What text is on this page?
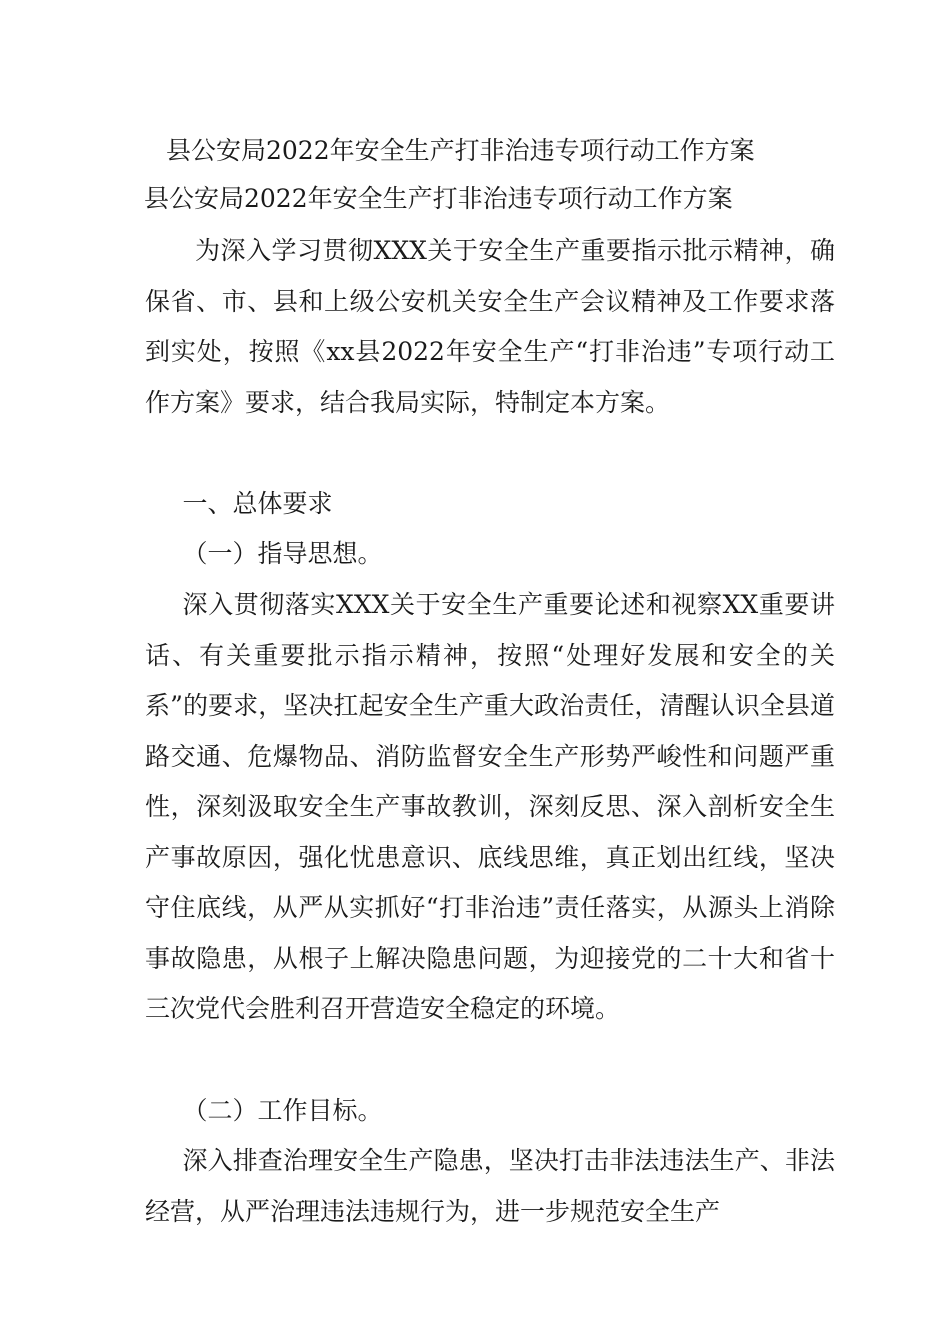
县公安局2022年安全生产打非治违专项行动工作方案
县公安局2022年安全生产打非治违专项行动工作方案

为深入学习贯彻XXX关于安全生产重要指示批示精神，确保省、市、县和上级公安机关安全生产会议精神及工作要求落到实处，按照《xx县2022年安全生产“打非治违”专项行动工作方案》要求，结合我局实际，特制定本方案。

一、总体要求

（一）指导思想。

深入贯彻落实XXX关于安全生产重要论述和视察XX重要讲话、有关重要批示指示精神，按照“处理好发展和安全的关系”的要求，坚决扛起安全生产重大政治责任，清醒认识全县道路交通、危爆物品、消防监督安全生产形势严峻性和问题严重性，深刻汲取安全生产事故教训，深刻反思、深入剖析安全生产事故原因，强化忧患意识、底线思维，真正划出红线，坚决守住底线，从严从实抓好“打非治违”责任落实，从源头上消除事故隐患，从根子上解决隐患问题，为迎接党的二十大和省十三次党代会胜利召开营造安全稳定的环境。

（二）工作目标。

深入排查治理安全生产隐患，坚决打击非法违法生产、非法经营，从严治理违法违规行为，进一步规范安全生产
